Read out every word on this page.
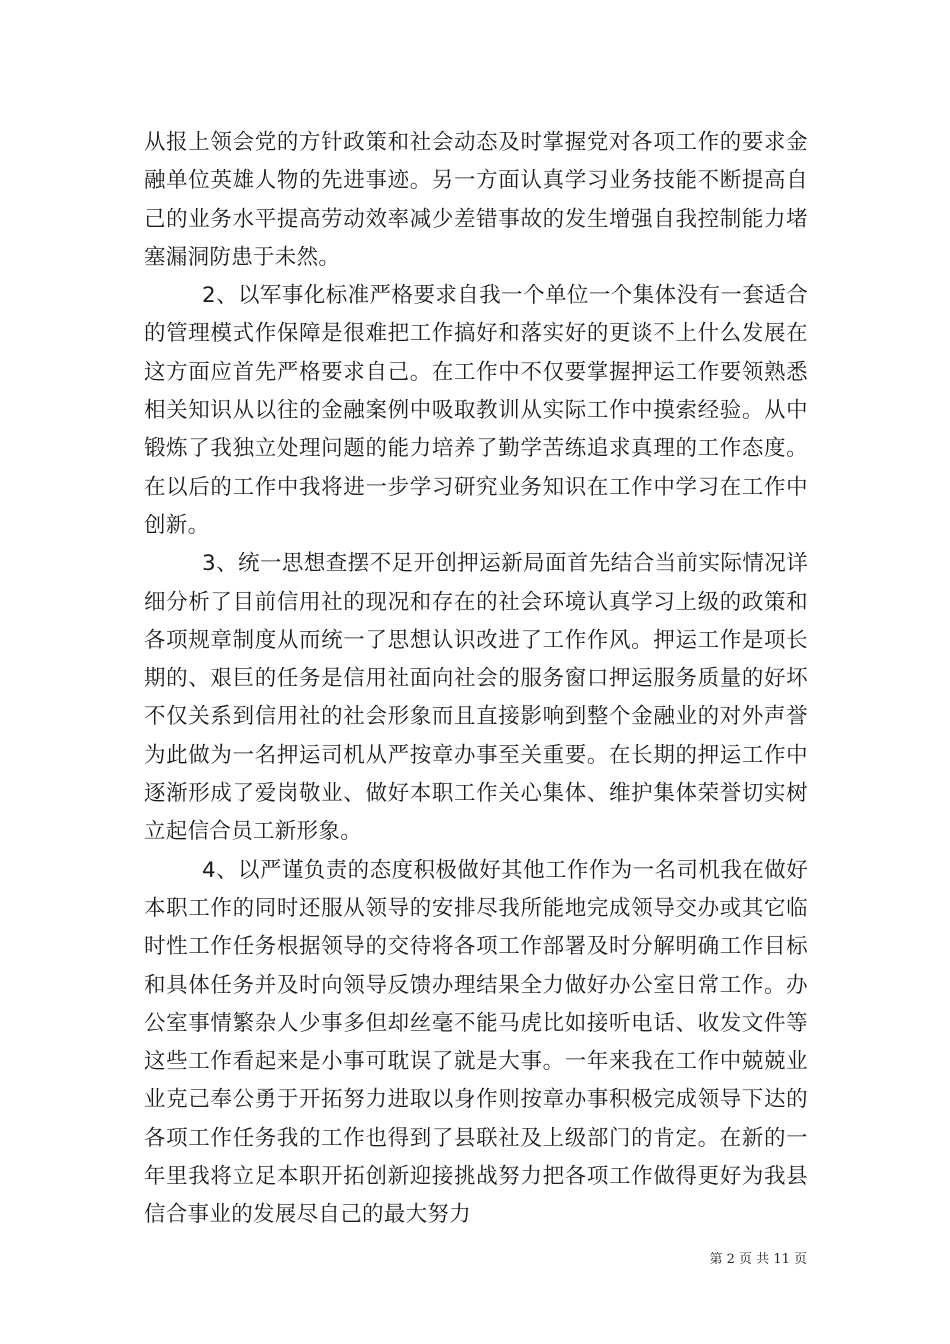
从报上领会党的方针政策和社会动态及时掌握党对各项工作的要求金融单位英雄人物的先进事迹。另一方面认真学习业务技能不断提高自己的业务水平提高劳动效率减少差错事故的发生增强自我控制能力堵塞漏洞防患于未然。

2、以军事化标准严格要求自我一个单位一个集体没有一套适合的管理模式作保障是很难把工作搞好和落实好的更谈不上什么发展在这方面应首先严格要求自己。在工作中不仅要掌握押运工作要领熟悉相关知识从以往的金融案例中吸取教训从实际工作中摸索经验。从中锻炼了我独立处理问题的能力培养了勤学苦练追求真理的工作态度。在以后的工作中我将进一步学习研究业务知识在工作中学习在工作中创新。

3、统一思想查摆不足开创押运新局面首先结合当前实际情况详细分析了目前信用社的现况和存在的社会环境认真学习上级的政策和各项规章制度从而统一了思想认识改进了工作作风。押运工作是项长期的、艰巨的任务是信用社面向社会的服务窗口押运服务质量的好坏不仅关系到信用社的社会形象而且直接影响到整个金融业的对外声誉为此做为一名押运司机从严按章办事至关重要。在长期的押运工作中逐渐形成了爱岗敬业、做好本职工作关心集体、维护集体荣誉切实树立起信合员工新形象。

4、以严谨负责的态度积极做好其他工作作为一名司机我在做好本职工作的同时还服从领导的安排尽我所能地完成领导交办或其它临时性工作任务根据领导的交待将各项工作部署及时分解明确工作目标和具体任务并及时向领导反馈办理结果全力做好办公室日常工作。办公室事情繁杂人少事多但却丝毫不能马虎比如接听电话、收发文件等这些工作看起来是小事可耽误了就是大事。一年来我在工作中兢兢业业克己奉公勇于开拓努力进取以身作则按章办事积极完成领导下达的各项工作任务我的工作也得到了县联社及上级部门的肯定。在新的一年里我将立足本职开拓创新迎接挑战努力把各项工作做得更好为我县信合事业的发展尽自己的最大努力

第 2 页 共 11 页
